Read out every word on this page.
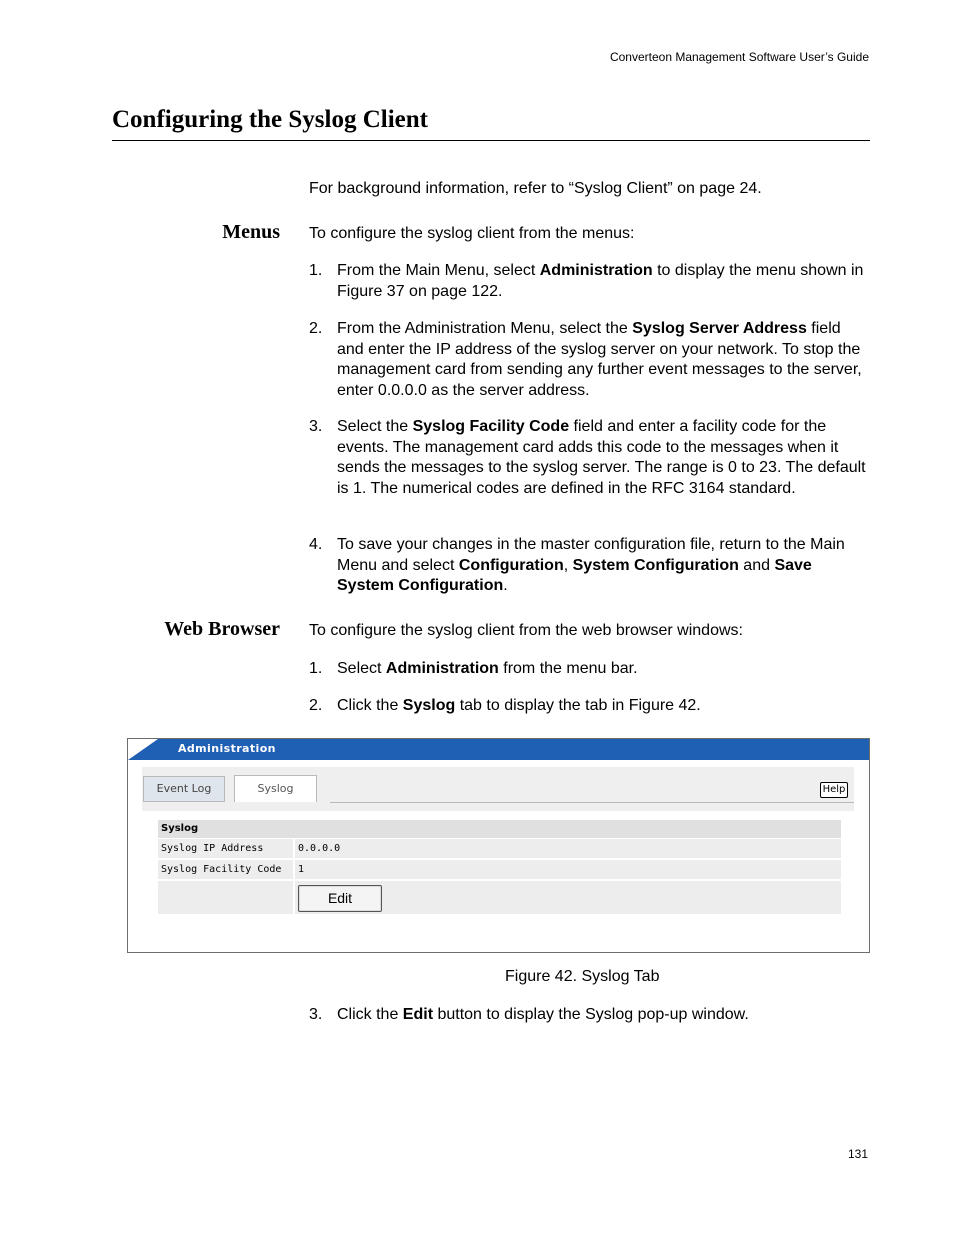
Converteon Management Software User’s Guide
Configuring the Syslog Client
For background information, refer to “Syslog Client” on page 24.
Menus To configure the syslog client from the menus:
1. From the Main Menu, select Administration to display the menu shown in Figure 37 on page 122.
2. From the Administration Menu, select the Syslog Server Address field and enter the IP address of the syslog server on your network. To stop the management card from sending any further event messages to the server, enter 0.0.0.0 as the server address.
3. Select the Syslog Facility Code field and enter a facility code for the events. The management card adds this code to the messages when it sends the messages to the syslog server. The range is 0 to 23. The default is 1. The numerical codes are defined in the RFC 3164 standard.
4. To save your changes in the master configuration file, return to the Main Menu and select Configuration, System Configuration and Save System Configuration.
Web Browser To configure the syslog client from the web browser windows:
1. Select Administration from the menu bar.
2. Click the Syslog tab to display the tab in Figure 42.
Administration
Event Log	Syslog	Help
Syslog
Syslog IP Address	0.0.0.0
Syslog Facility Code 1
Edit
Figure 42. Syslog Tab
3. Click the Edit button to display the Syslog pop-up window.
131
